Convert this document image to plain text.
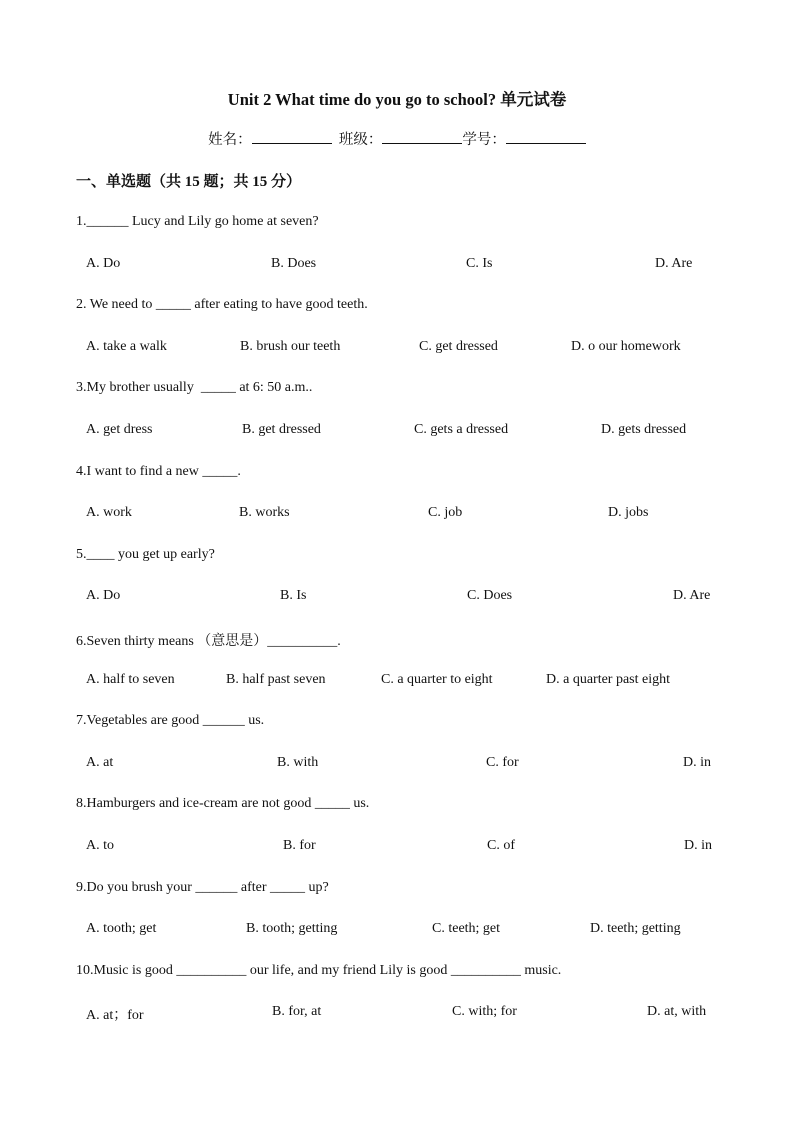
Unit 2 What time do you go to school? 单元试卷
姓名：	班级：	学号：
一、单选题（共 15 题；共 15 分）
1.______ Lucy and Lily go home at seven?
A. Do	B. Does	C. Is	D. Are
2. We need to _____ after eating to have good teeth.
A. take a walk	B. brush our teeth	C. get dressed	D. o our homework
3.My brother usually  _____ at 6: 50 a.m..
A. get dress	B. get dressed	C. gets a dressed	D. gets dressed
4.I want to find a new _____.
A. work	B. works	C. job	D. jobs
5.____ you get up early?
A. Do	B. Is	C. Does	D. Are
6.Seven thirty means （意思是）__________.
A. half to seven	B. half past seven	C. a quarter to eight	D. a quarter past eight
7.Vegetables are good ______ us.
A. at	B. with	C. for	D. in
8.Hamburgers and ice-cream are not good _____ us.
A. to	B. for	C. of	D. in
9.Do you brush your ______ after _____ up?
A. tooth; get	B. tooth; getting	C. teeth; get	D. teeth; getting
10.Music is good __________ our life, and my friend Lily is good __________ music.
A. at；for	B. for, at	C. with; for	D. at, with
